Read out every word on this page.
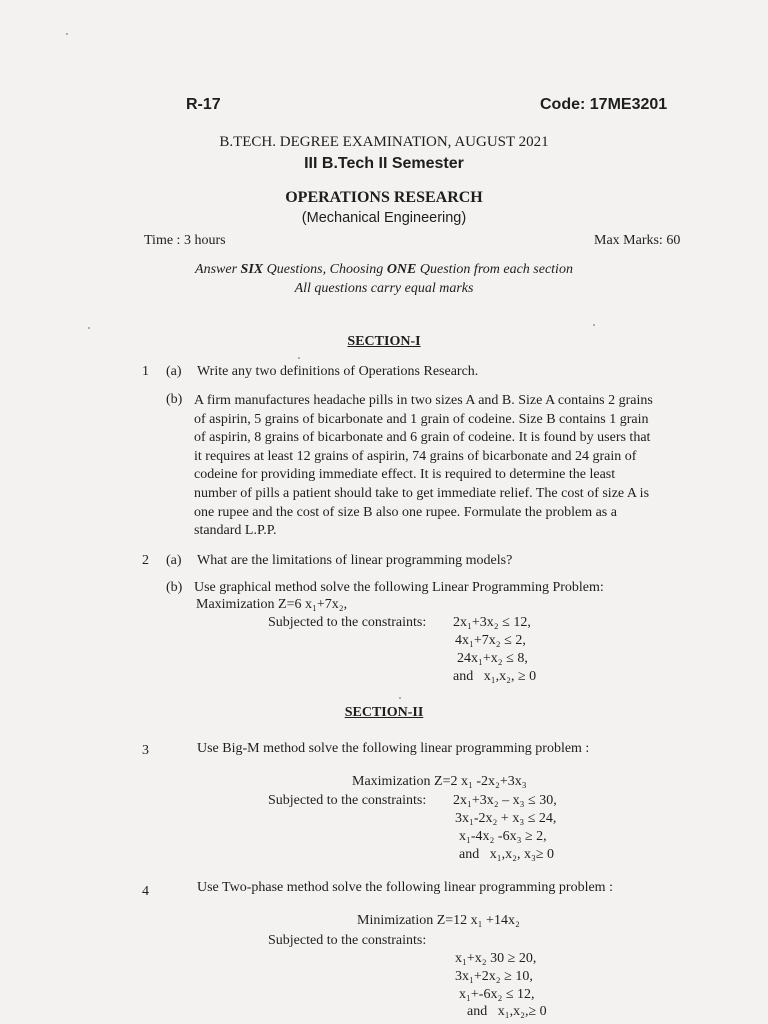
R-17	Code: 17ME3201
B.TECH. DEGREE EXAMINATION, AUGUST 2021
III B.Tech II Semester
OPERATIONS RESEARCH
(Mechanical Engineering)
Time : 3 hours	Max Marks: 60
Answer SIX Questions, Choosing ONE Question from each section
All questions carry equal marks
SECTION-I
1 (a) Write any two definitions of Operations Research.
(b) A firm manufactures headache pills in two sizes A and B. Size A contains 2 grains
of aspirin, 5 grains of bicarbonate and 1 grain of codeine. Size B contains 1 grain
of aspirin, 8 grains of bicarbonate and 6 grain of codeine. It is found by users that
it requires at least 12 grains of aspirin, 74 grains of bicarbonate and 24 grain of
codeine for providing immediate effect. It is required to determine the least
number of pills a patient should take to get immediate relief. The cost of size A is
one rupee and the cost of size B also one rupee. Formulate the problem as a
standard L.P.P.
2 (a) What are the limitations of linear programming models?
(b) Use graphical method solve the following Linear Programming Problem:
Maximization Z=6 x₁+7x₂,
Subjected to the constraints: 2x₁+3x₂ ≤ 12,
4x₁+7x₂ ≤ 2,
24x₁+x₂ ≤ 8,
and   x₁,x₂, ≥ 0
SECTION-II
3	Use Big-M method solve the following linear programming problem :
Maximization Z=2 x₁ -2x₂+3x₃
Subjected to the constraints: 2x₁+3x₂ – x₃ ≤ 30,
3x₁-2x₂ + x₃ ≤ 24,
x₁-4x₂ -6x₃ ≥ 2,
and   x₁,x₂, x₃≥ 0
4	Use Two-phase method solve the following linear programming problem :
Minimization Z=12 x₁ +14x₂
Subjected to the constraints:
x₁+x₂ 30 ≥ 20,
3x₁+2x₂ ≥ 10,
x₁+-6x₂ ≤ 12,
and   x₁,x₂,≥ 0
